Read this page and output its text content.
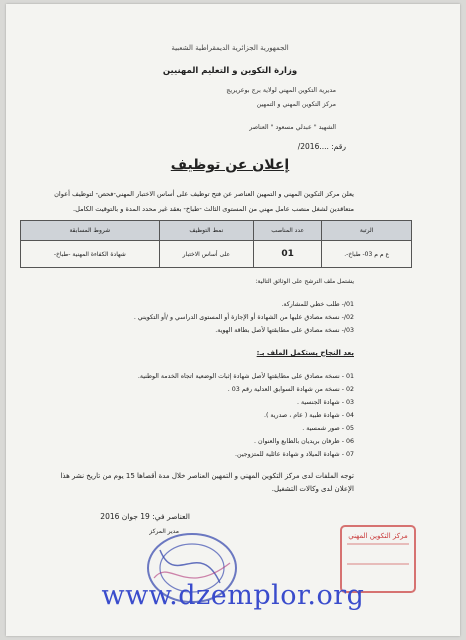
الجمهورية الجزائرية الديمقراطية الشعبية
وزارة التكوين و التعليم المهنيين
مديرية التكوين المهني لولاية برج بوعريريج
مركز التكوين المهني و التمهين
الشهيد " عبدلي مسعود " العناصر
رقم: ....2016/
إعلان عن توظيف
يعلن مركز التكوين المهني و التمهين العناصر عن فتح توظيف على أساس الاختبار المهني-فحص- لتوظيف أعوان متعاقدين لشغل منصب عامل مهني من المستوى الثالث -طباخ- بعقد غير محدد المدة و بالتوقيت الكامل.
الرتبة	عدد المناصب	نمط التوظيف	شروط المسابقة
ع م م 03- طباخ-.	01	على أساس الاختبار	شهادة الكفاءة المهنية -طباخ-
يشتمل ملف الترشح على الوثائق التالية:
01/- طلب خطي للمشاركة.
02/- نسخة مصادق عليها من الشهادة أو الإجازة أو المستوى الدراسي و /أو التكويني .
03/- نسخة مصادق على مطابقتها لأصل بطاقة الهوية.
بعد النجاح يستكمل الملف بـ:
01 - نسخة مصادق على مطابقتها لأصل شهادة إثبات الوضعية اتجاه الخدمة الوطنية.
02 - نسخة من شهادة السوابق العدلية رقم 03 .
03 - شهادة الجنسية .
04 - شهادة طبية ( عام ، صدرية ).
05 - صور شمسية .
06 - ظرفان بريديان بالطابع والعنوان .
07 - شهادة الميلاد و شهادة عائلية للمتزوجين.
توجه الملفات لدى مركز التكوين المهني و التمهين العناصر خلال مدة أقصاها 15 يوم من تاريخ نشر هذا الإعلان لدى وكالات التشغيل.
العناصر في: 19 جوان 2016
مدير المركز
مركز التكوين المهني
www.dzemplor.org
